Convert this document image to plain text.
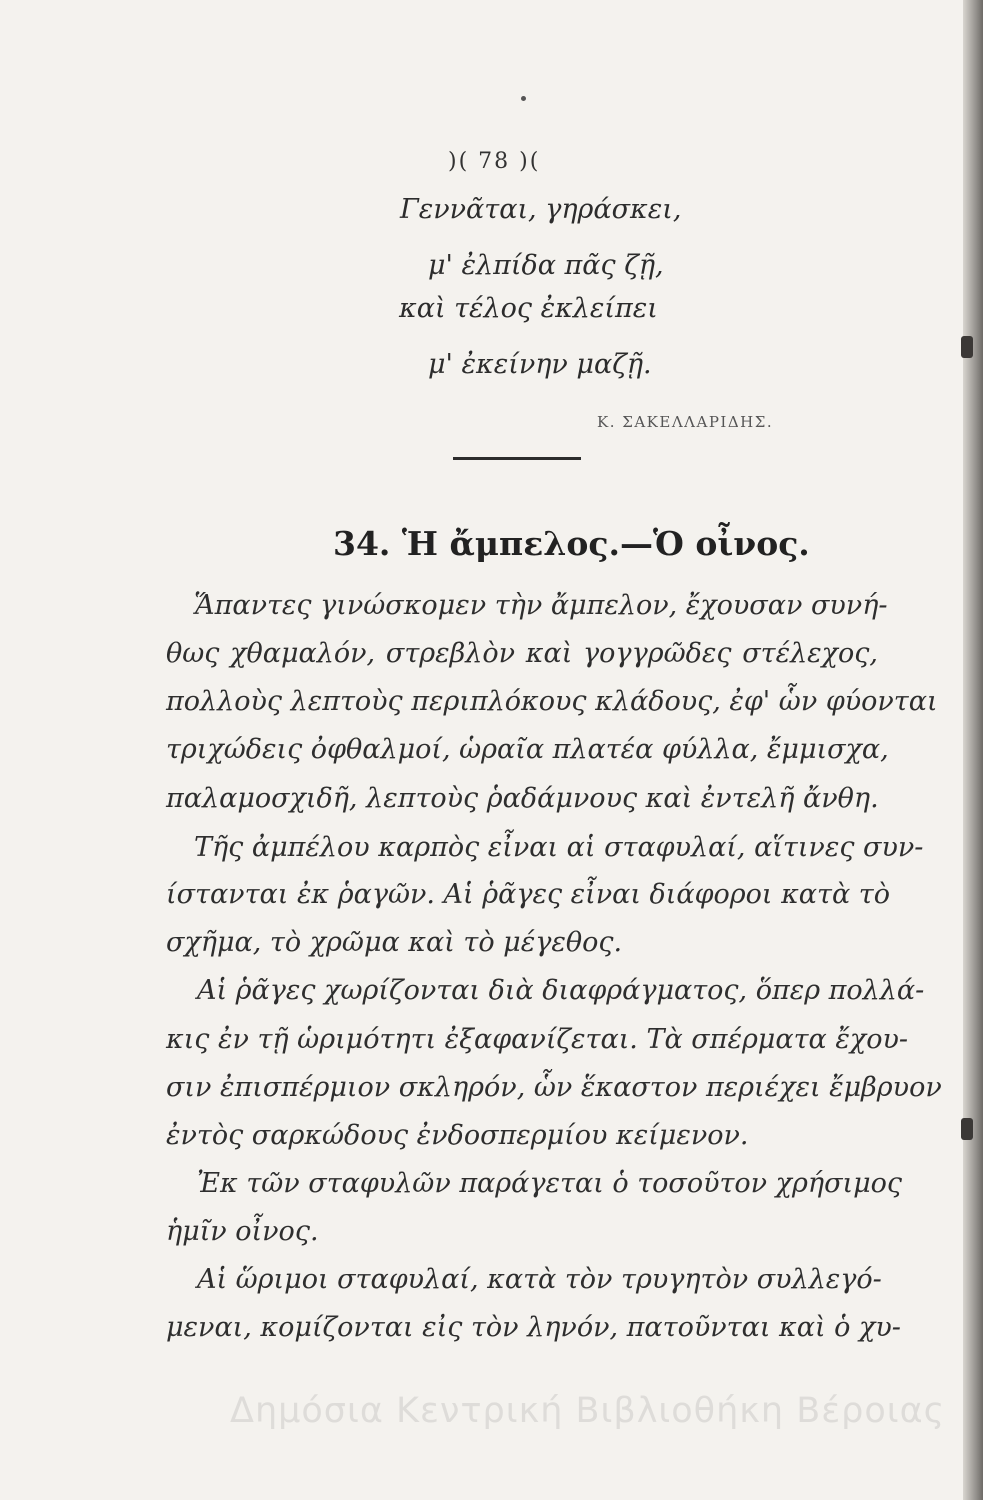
)( 78 )(
Γεννᾶται, γηράσκει,
μ' ἐλπίδα πᾶς ζῇ,
καὶ τέλος ἐκλείπει
μ' ἐκείνην μαζῇ.
Κ. ΣΑΚΕΛΛΑΡΙΔΗΣ.
34. Ἡ ἄμπελος.—Ὁ οἶνος.
Ἅπαντες γινώσκομεν τὴν ἄμπελον, ἔχουσαν συνή-
θως χθαμαλόν, στρεβλὸν καὶ γογγρῶδες στέλεχος,
πολλοὺς λεπτοὺς περιπλόκους κλάδους, ἐφ' ὧν φύονται
τριχώδεις ὀφθαλμοί, ὡραῖα πλατέα φύλλα, ἔμμισχα,
παλαμοσχιδῆ, λεπτοὺς ῥαδάμνους καὶ ἐντελῆ ἄνθη.
Τῆς ἀμπέλου καρπὸς εἶναι αἱ σταφυλαί, αἵτινες συν-
ίστανται ἐκ ῥαγῶν. Αἱ ῥᾶγες εἶναι διάφοροι κατὰ τὸ
σχῆμα, τὸ χρῶμα καὶ τὸ μέγεθος.
Αἱ ῥᾶγες χωρίζονται διὰ διαφράγματος, ὅπερ πολλά-
κις ἐν τῇ ὡριμότητι ἐξαφανίζεται. Τὰ σπέρματα ἔχου-
σιν ἐπισπέρμιον σκληρόν, ὧν ἕκαστον περιέχει ἔμβρυον
ἐντὸς σαρκώδους ἐνδοσπερμίου κείμενον.
Ἐκ τῶν σταφυλῶν παράγεται ὁ τοσοῦτον χρήσιμος
ἡμῖν οἶνος.
Αἱ ὥριμοι σταφυλαί, κατὰ τὸν τρυγητὸν συλλεγό-
μεναι, κομίζονται εἰς τὸν ληνόν, πατοῦνται καὶ ὁ χυ-
Δημόσια Κεντρική Βιβλιοθήκη Βέροιας
